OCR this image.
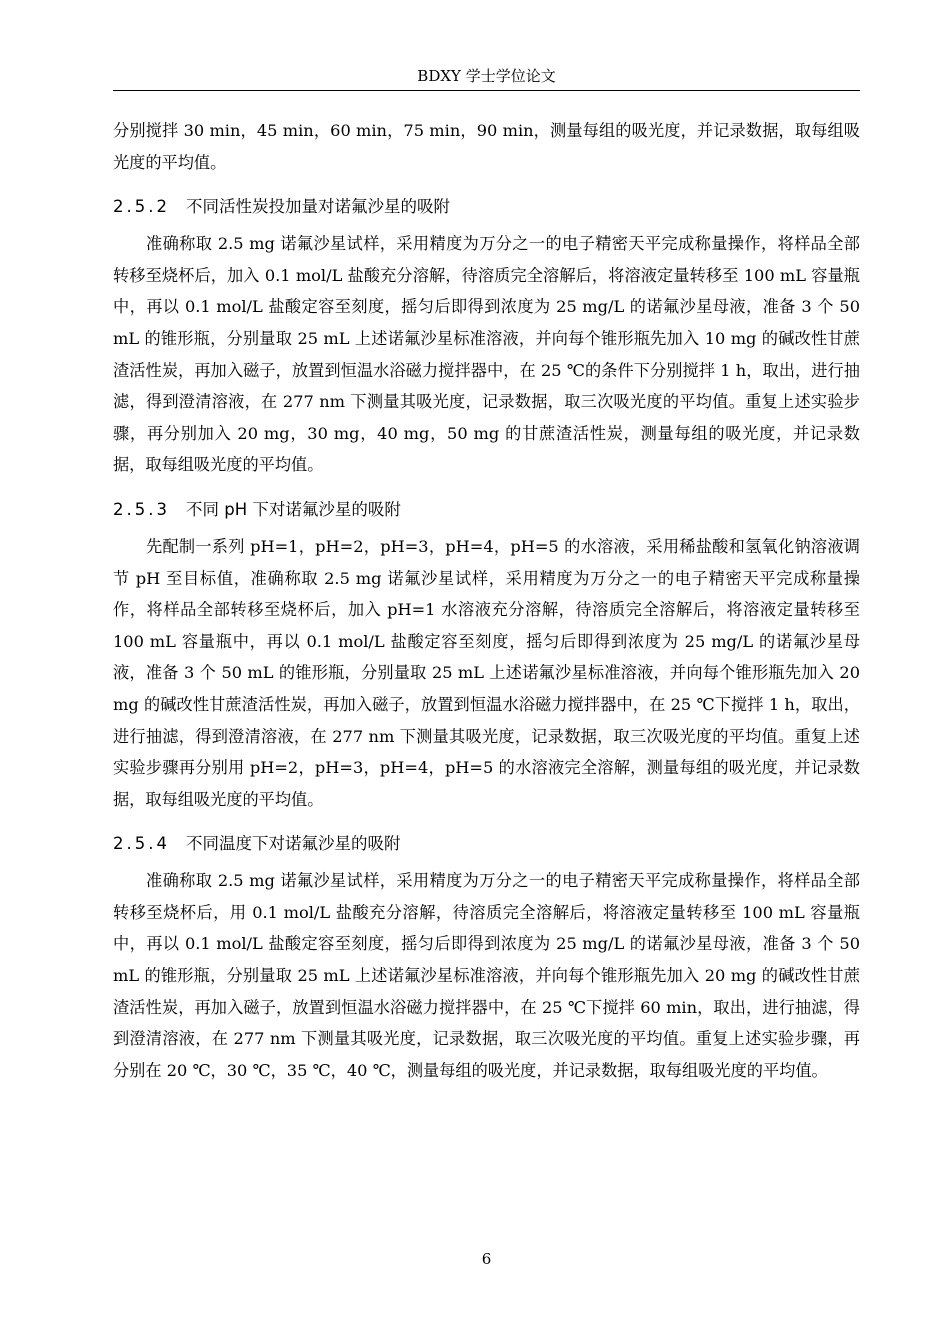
BDXY 学士学位论文

分别搅拌 30 min，45 min，60 min，75 min，90 min，测量每组的吸光度，并记录数据，取每组吸光度的平均值。

2.5.2 不同活性炭投加量对诺氟沙星的吸附

准确称取 2.5 mg 诺氟沙星试样，采用精度为万分之一的电子精密天平完成称量操作，将样品全部转移至烧杯后，加入 0.1 mol/L 盐酸充分溶解，待溶质完全溶解后，将溶液定量转移至 100 mL 容量瓶中，再以 0.1 mol/L 盐酸定容至刻度，摇匀后即得到浓度为 25 mg/L 的诺氟沙星母液，准备 3 个 50 mL 的锥形瓶，分别量取 25 mL 上述诺氟沙星标准溶液，并向每个锥形瓶先加入 10 mg 的碱改性甘蔗渣活性炭，再加入磁子，放置到恒温水浴磁力搅拌器中，在 25 ℃的条件下分别搅拌 1 h，取出，进行抽滤，得到澄清溶液，在 277 nm 下测量其吸光度，记录数据，取三次吸光度的平均值。重复上述实验步骤，再分别加入 20 mg，30 mg，40 mg，50 mg 的甘蔗渣活性炭，测量每组的吸光度，并记录数据，取每组吸光度的平均值。

2.5.3 不同 pH 下对诺氟沙星的吸附

先配制一系列 pH=1，pH=2，pH=3，pH=4，pH=5 的水溶液，采用稀盐酸和氢氧化钠溶液调节 pH 至目标值，准确称取 2.5 mg 诺氟沙星试样，采用精度为万分之一的电子精密天平完成称量操作，将样品全部转移至烧杯后，加入 pH=1 水溶液充分溶解，待溶质完全溶解后，将溶液定量转移至 100 mL 容量瓶中，再以 0.1 mol/L 盐酸定容至刻度，摇匀后即得到浓度为 25 mg/L 的诺氟沙星母液，准备 3 个 50 mL 的锥形瓶，分别量取 25 mL 上述诺氟沙星标准溶液，并向每个锥形瓶先加入 20 mg 的碱改性甘蔗渣活性炭，再加入磁子，放置到恒温水浴磁力搅拌器中，在 25 ℃下搅拌 1 h，取出，进行抽滤，得到澄清溶液，在 277 nm 下测量其吸光度，记录数据，取三次吸光度的平均值。重复上述实验步骤再分别用 pH=2，pH=3，pH=4，pH=5 的水溶液完全溶解，测量每组的吸光度，并记录数据，取每组吸光度的平均值。

2.5.4 不同温度下对诺氟沙星的吸附

准确称取 2.5 mg 诺氟沙星试样，采用精度为万分之一的电子精密天平完成称量操作，将样品全部转移至烧杯后，用 0.1 mol/L 盐酸充分溶解，待溶质完全溶解后，将溶液定量转移至 100 mL 容量瓶中，再以 0.1 mol/L 盐酸定容至刻度，摇匀后即得到浓度为 25 mg/L 的诺氟沙星母液，准备 3 个 50 mL 的锥形瓶，分别量取 25 mL 上述诺氟沙星标准溶液，并向每个锥形瓶先加入 20 mg 的碱改性甘蔗渣活性炭，再加入磁子，放置到恒温水浴磁力搅拌器中，在 25 ℃下搅拌 60 min，取出，进行抽滤，得到澄清溶液，在 277 nm 下测量其吸光度，记录数据，取三次吸光度的平均值。重复上述实验步骤，再分别在 20 ℃，30 ℃，35 ℃，40 ℃，测量每组的吸光度，并记录数据，取每组吸光度的平均值。

6
